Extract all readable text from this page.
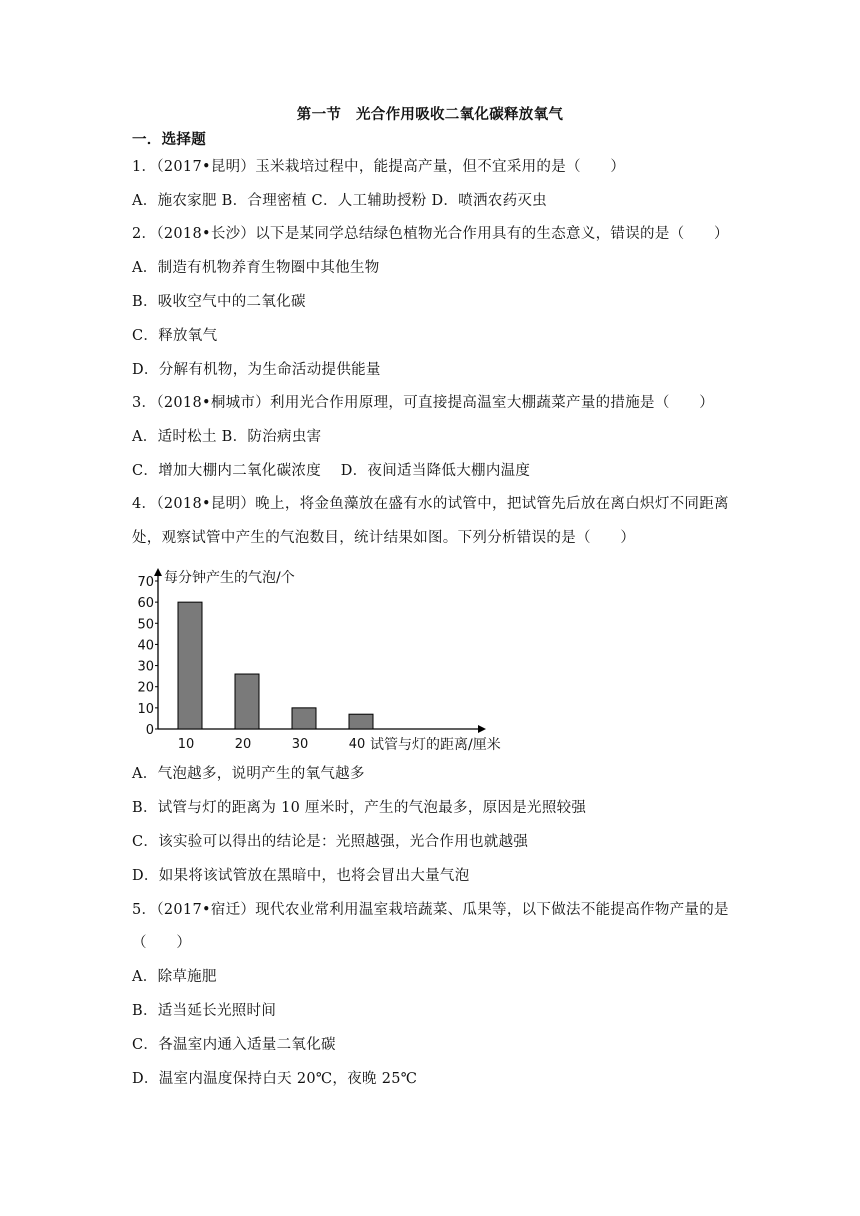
第一节　光合作用吸收二氧化碳释放氧气
一．选择题
1．（2017•昆明）玉米栽培过程中，能提高产量，但不宜采用的是（　　）
A．施农家肥 B．合理密植 C．人工辅助授粉 D．喷洒农药灭虫
2．（2018•长沙）以下是某同学总结绿色植物光合作用具有的生态意义，错误的是（　　）
A．制造有机物养育生物圈中其他生物
B．吸收空气中的二氧化碳
C．释放氧气
D．分解有机物，为生命活动提供能量
3．（2018•桐城市）利用光合作用原理，可直接提高温室大棚蔬菜产量的措施是（　　）
A．适时松土 B．防治病虫害
C．增加大棚内二氧化碳浓度　 D．夜间适当降低大棚内温度
4．（2018•昆明）晚上，将金鱼藻放在盛有水的试管中，把试管先后放在离白炽灯不同距离
处，观察试管中产生的气泡数目，统计结果如图。下列分析错误的是（　　）
0
10
20
30
40
50
60
70
10	20	30	40
每分钟产生的气泡/个
试管与灯的距离/厘米
A．气泡越多，说明产生的氧气越多
B．试管与灯的距离为 10 厘米时，产生的气泡最多，原因是光照较强
C．该实验可以得出的结论是：光照越强，光合作用也就越强
D．如果将该试管放在黑暗中，也将会冒出大量气泡
5．（2017•宿迁）现代农业常利用温室栽培蔬菜、瓜果等，以下做法不能提高作物产量的是
（　　）
A．除草施肥
B．适当延长光照时间
C．各温室内通入适量二氧化碳
D．温室内温度保持白天 20℃，夜晚 25℃
